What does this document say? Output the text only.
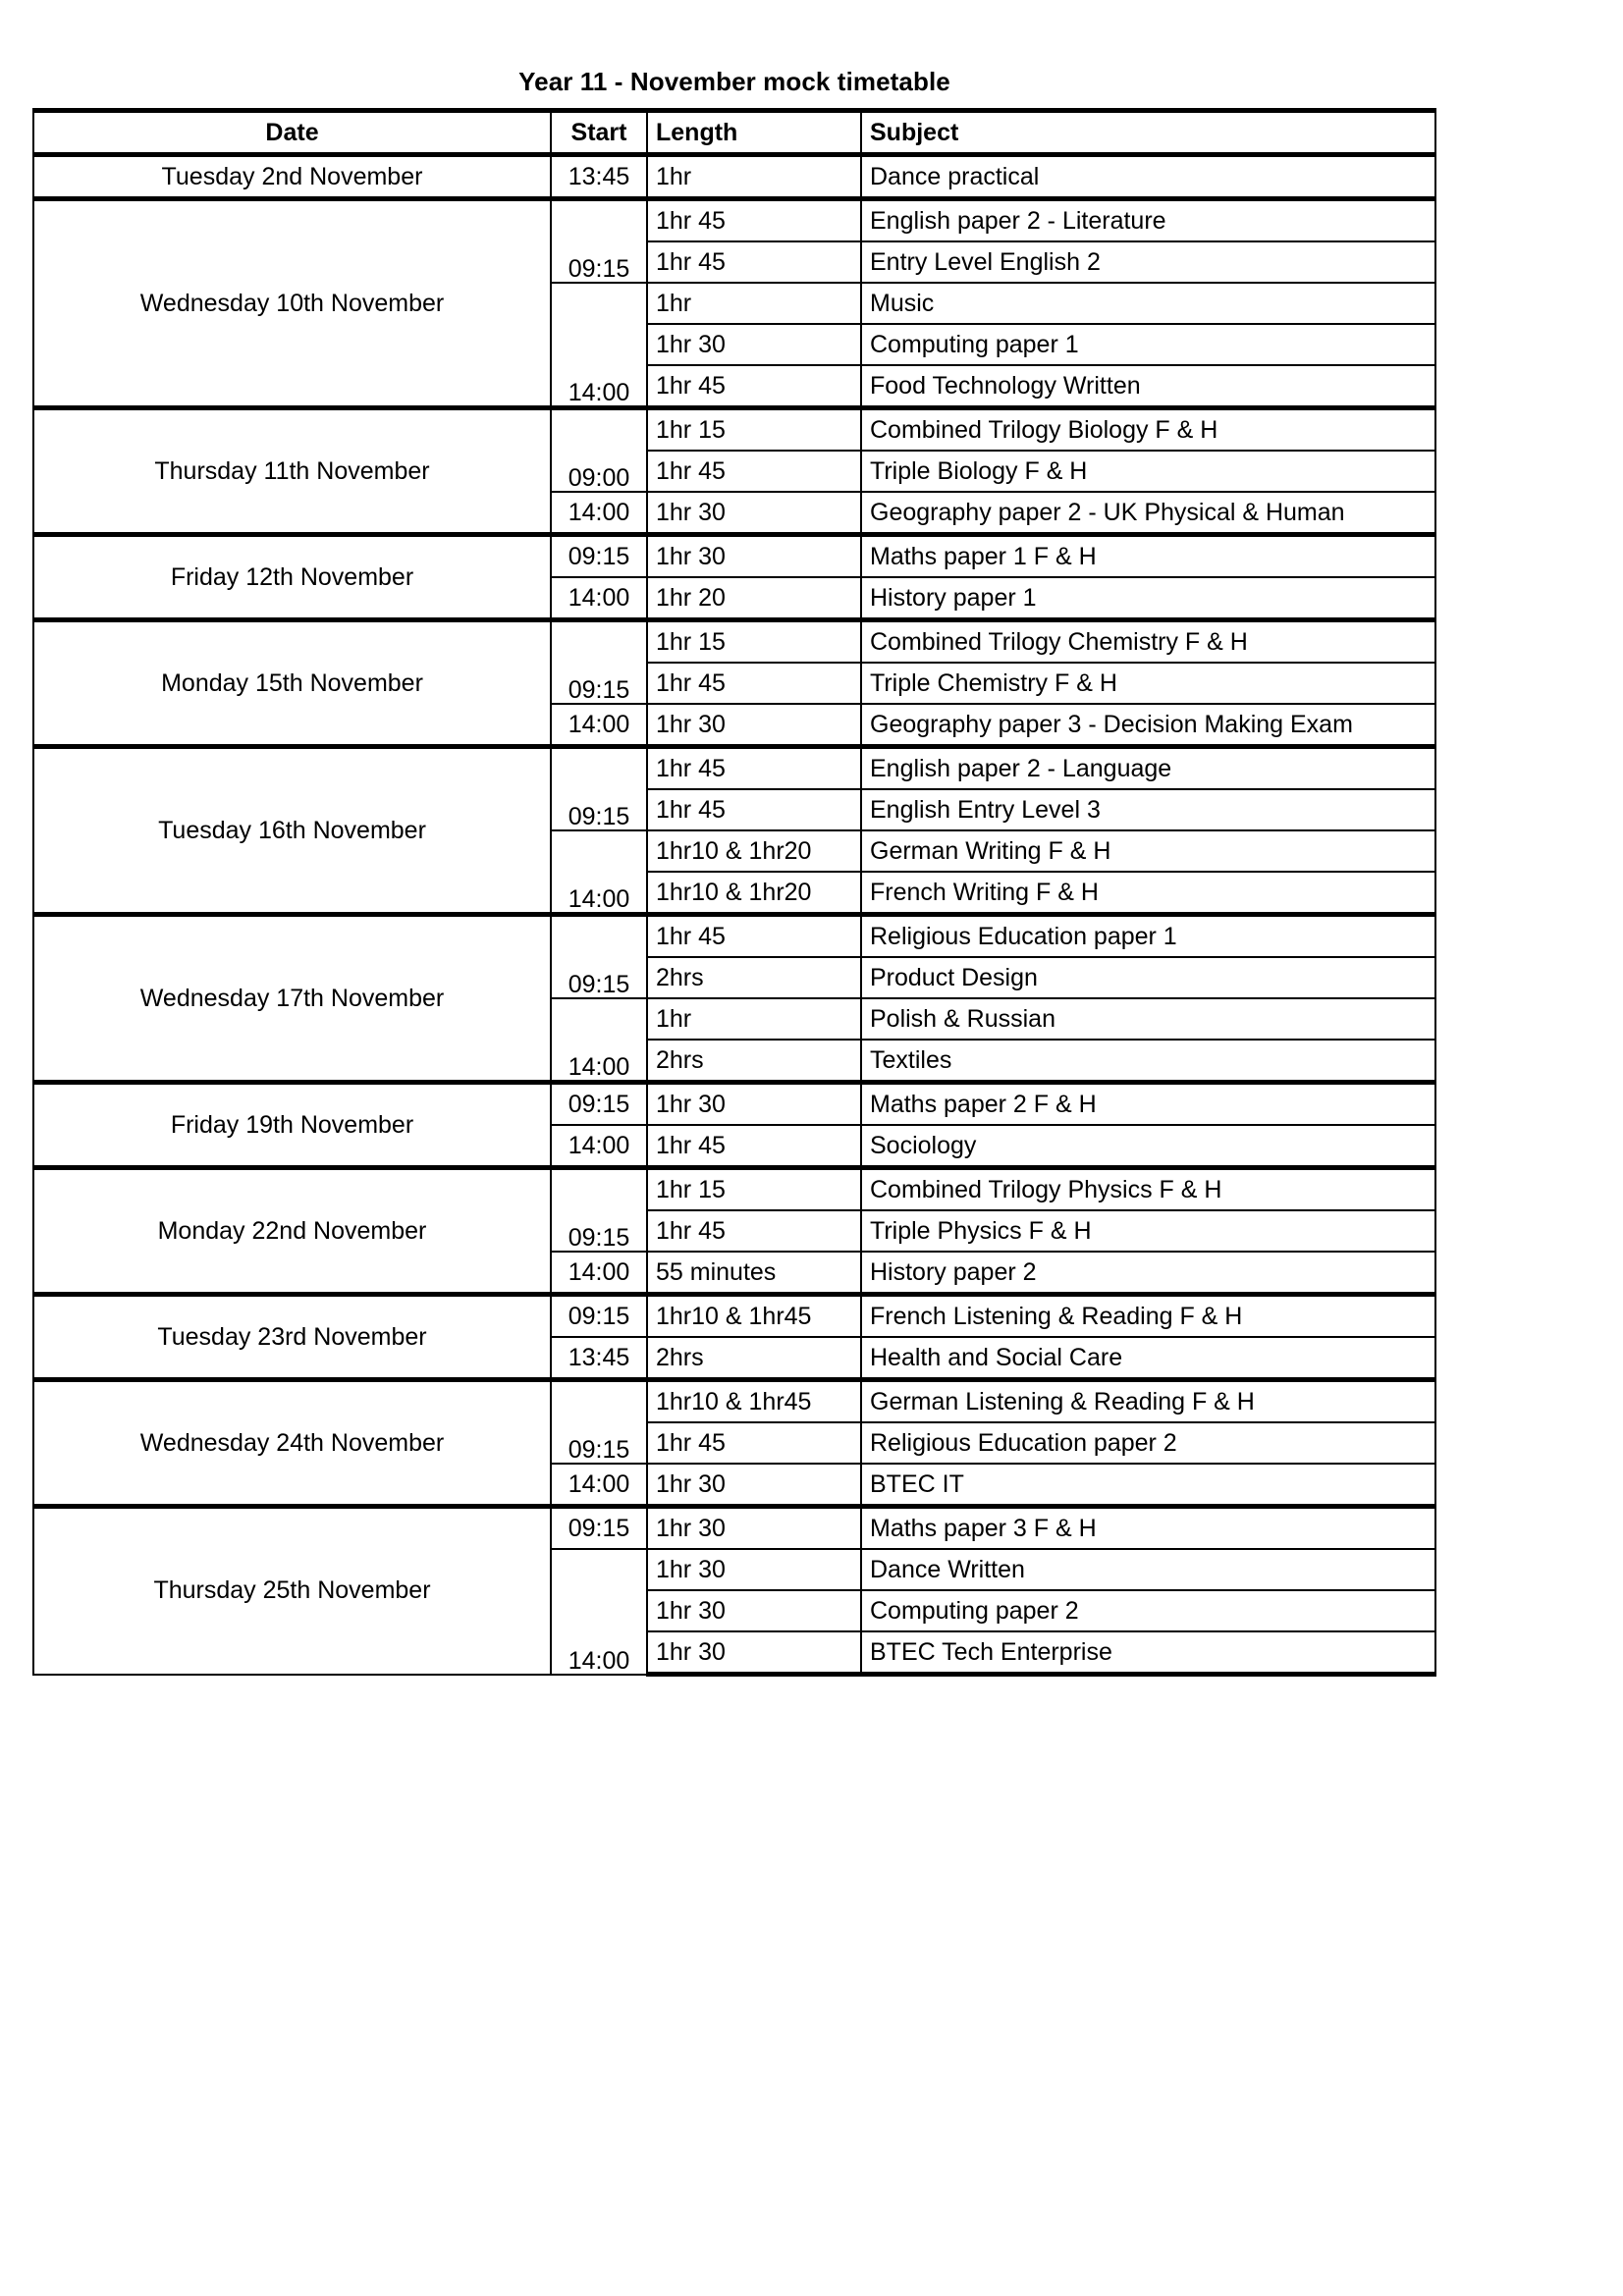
Year 11 - November mock timetable
Date	Start	Length	Subject
Tuesday 2nd November	13:45	1hr	Dance practical
Wednesday 10th November	09:15	1hr 45	English paper 2 - Literature
		1hr 45	Entry Level English 2
	14:00	1hr	Music
		1hr 30	Computing paper 1
		1hr 45	Food Technology Written
Thursday 11th November	09:00	1hr 15	Combined Trilogy Biology F & H
		1hr 45	Triple Biology F & H
	14:00	1hr 30	Geography paper 2 - UK Physical & Human
Friday 12th November	09:15	1hr 30	Maths paper 1 F & H
	14:00	1hr 20	History paper 1
Monday 15th November	09:15	1hr 15	Combined Trilogy Chemistry F & H
		1hr 45	Triple Chemistry F & H
	14:00	1hr 30	Geography paper 3 - Decision Making Exam
Tuesday 16th November	09:15	1hr 45	English paper 2 - Language
		1hr 45	English Entry Level 3
	14:00	1hr10 & 1hr20	German Writing F & H
		1hr10 & 1hr20	French Writing F & H
Wednesday 17th November	09:15	1hr 45	Religious Education paper 1
		2hrs	Product Design
	14:00	1hr	Polish & Russian
		2hrs	Textiles
Friday 19th November	09:15	1hr 30	Maths paper 2 F & H
	14:00	1hr 45	Sociology
Monday 22nd November	09:15	1hr 15	Combined Trilogy Physics F & H
		1hr 45	Triple Physics F & H
	14:00	55 minutes	History paper 2
Tuesday 23rd November	09:15	1hr10 & 1hr45	French Listening & Reading F & H
	13:45	2hrs	Health and Social Care
Wednesday 24th November	09:15	1hr10 & 1hr45	German Listening & Reading F & H
		1hr 45	Religious Education paper 2
	14:00	1hr 30	BTEC IT
Thursday 25th November	09:15	1hr 30	Maths paper 3 F & H
	14:00	1hr 30	Dance Written
		1hr 30	Computing paper 2
		1hr 30	BTEC Tech Enterprise
